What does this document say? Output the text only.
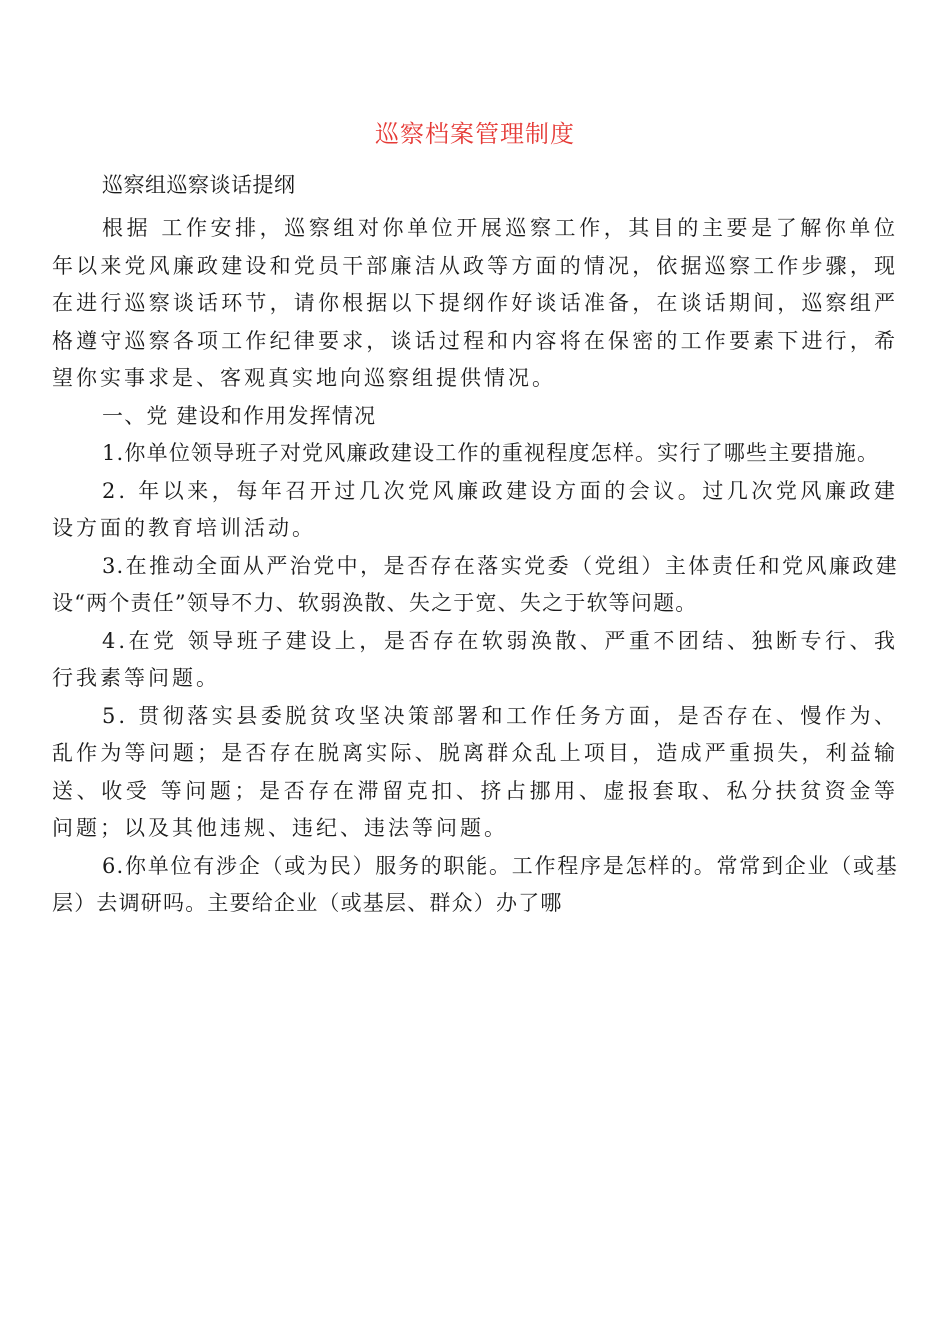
巡察档案管理制度
巡察组巡察谈话提纲

根据 工作安排，巡察组对你单位开展巡察工作，其目的主要是了解你单位 年以来党风廉政建设和党员干部廉洁从政等方面的情况，依据巡察工作步骤，现在进行巡察谈话环节，请你根据以下提纲作好谈话准备，在谈话期间，巡察组严格遵守巡察各项工作纪律要求，谈话过程和内容将在保密的工作要素下进行，希望你实事求是、客观真实地向巡察组提供情况。

一、党 建设和作用发挥情况

1.你单位领导班子对党风廉政建设工作的重视程度怎样。实行了哪些主要措施。

2. 年以来，每年召开过几次党风廉政建设方面的会议。过几次党风廉政建设方面的教育培训活动。

3.在推动全面从严治党中，是否存在落实党委（党组）主体责任和党风廉政建设“两个责任”领导不力、软弱涣散、失之于宽、失之于软等问题。

4.在党 领导班子建设上，是否存在软弱涣散、严重不团结、独断专行、我行我素等问题。

5. 贯彻落实县委脱贫攻坚决策部署和工作任务方面，是否存在、慢作为、乱作为等问题；是否存在脱离实际、脱离群众乱上项目，造成严重损失，利益输送、收受 等问题；是否存在滞留克扣、挤占挪用、虚报套取、私分扶贫资金等问题；以及其他违规、违纪、违法等问题。

6.你单位有涉企（或为民）服务的职能。工作程序是怎样的。常常到企业（或基层）去调研吗。主要给企业（或基层、群众）办了哪
